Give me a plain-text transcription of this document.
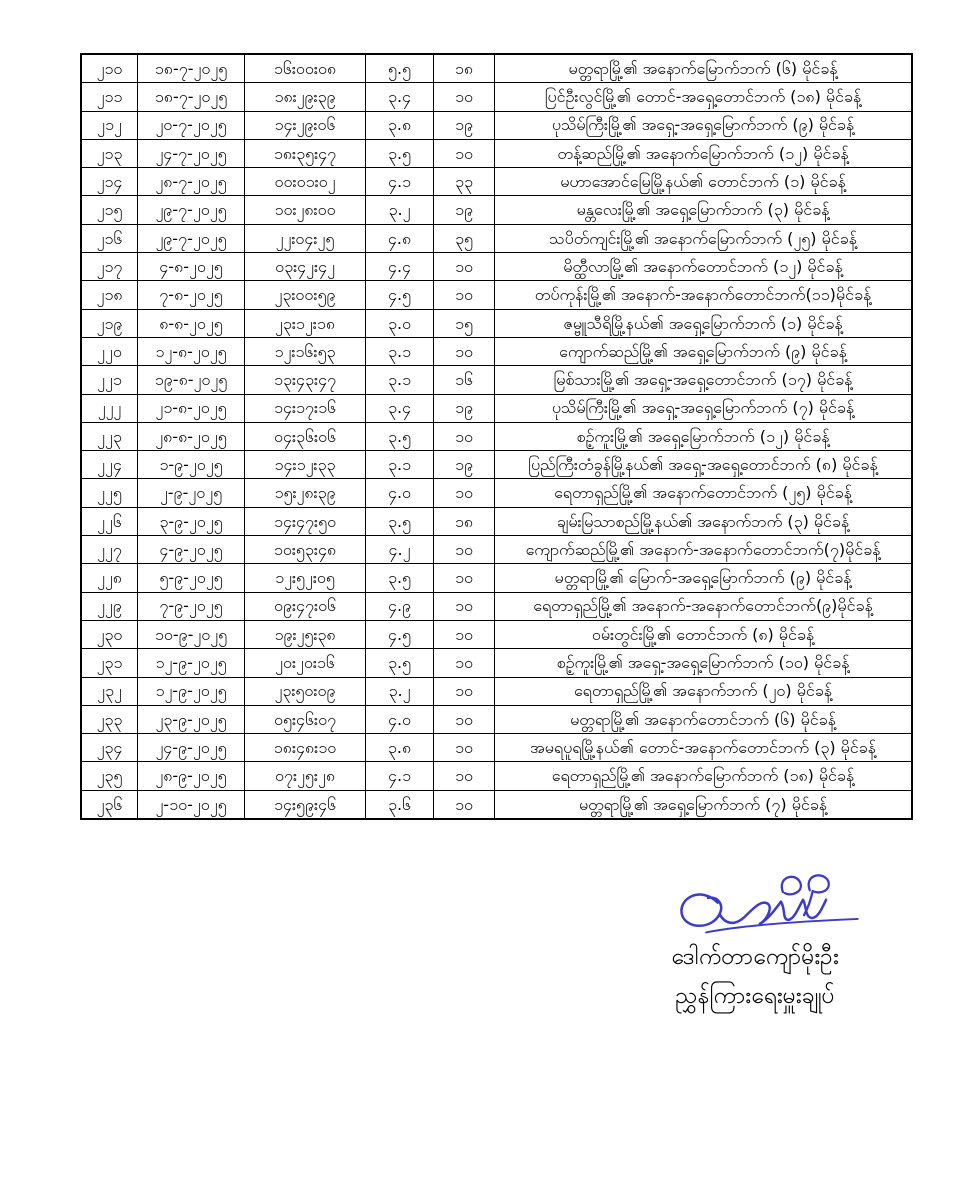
၂၁၀	၁၈-၇-၂၀၂၅	၁၆း၀၀း၀၈	၅.၅	၁၈	မတ္တရာမြို့၏ အနောက်မြောက်ဘက် (၆) မိုင်ခန့်
၂၁၁	၁၈-၇-၂၀၂၅	၁၈း၂၉း၃၉	၃.၄	၁၀	ပြင်ဦးလွင်မြို့၏ တောင်-အရှေ့တောင်ဘက် (၁၈) မိုင်ခန့်
၂၁၂	၂၀-၇-၂၀၂၅	၁၄း၂၉း၀၆	၃.၈	၁၉	ပုသိမ်ကြီးမြို့၏ အရှေ့-အရှေ့မြောက်ဘက် (၉) မိုင်ခန့်
၂၁၃	၂၄-၇-၂၀၂၅	၁၈း၃၅း၄၇	၃.၅	၁၀	တန့်ဆည်မြို့၏ အနောက်မြောက်ဘက် (၁၂) မိုင်ခန့်
၂၁၄	၂၈-၇-၂၀၂၅	၀၀း၀၁း၀၂	၄.၁	၃၃	မဟာအောင်မြေမြို့နယ်၏ တောင်ဘက် (၁) မိုင်ခန့်
၂၁၅	၂၉-၇-၂၀၂၅	၁၀း၂၈း၀၀	၃.၂	၁၉	မန္တလေးမြို့၏ အရှေ့မြောက်ဘက် (၃) မိုင်ခန့်
၂၁၆	၂၉-၇-၂၀၂၅	၂၂း၀၄း၂၅	၄.၈	၃၅	သပိတ်ကျင်းမြို့၏ အနောက်မြောက်ဘက် (၂၅) မိုင်ခန့်
၂၁၇	၄-၈-၂၀၂၅	၀၃း၄၂း၄၂	၄.၄	၁၀	မိတ္ထီလာမြို့၏ အနောက်တောင်ဘက် (၁၂) မိုင်ခန့်
၂၁၈	၇-၈-၂၀၂၅	၂၃း၀၀း၅၉	၄.၅	၁၀	တပ်ကုန်းမြို့၏ အနောက်-အနောက်တောင်ဘက်(၁၁)မိုင်ခန့်
၂၁၉	၈-၈-၂၀၂၅	၂၃း၁၂း၁၈	၃.၀	၁၅	ဇမ္ဗူသီရိမြို့နယ်၏ အရှေ့မြောက်ဘက် (၁) မိုင်ခန့်
၂၂၀	၁၂-၈-၂၀၂၅	၁၂း၁၆း၅၃	၃.၁	၁၀	ကျောက်ဆည်မြို့၏ အရှေ့မြောက်ဘက် (၉) မိုင်ခန့်
၂၂၁	၁၉-၈-၂၀၂၅	၁၃း၄၃း၄၇	၃.၁	၁၆	မြစ်သားမြို့၏ အရှေ့-အရှေ့တောင်ဘက် (၁၇) မိုင်ခန့်
၂၂၂	၂၁-၈-၂၀၂၅	၁၄း၁၇း၁၆	၃.၄	၁၉	ပုသိမ်ကြီးမြို့၏ အရှေ့-အရှေ့မြောက်ဘက် (၇) မိုင်ခန့်
၂၂၃	၂၈-၈-၂၀၂၅	၀၄း၃၆း၀၆	၃.၅	၁၀	စဉ့်ကူးမြို့၏ အရှေ့မြောက်ဘက် (၁၂) မိုင်ခန့်
၂၂၄	၁-၉-၂၀၂၅	၁၄း၁၂း၃၃	၃.၁	၁၉	ပြည်ကြီးတံခွန်မြို့နယ်၏ အရှေ့-အရှေ့တောင်ဘက် (၈) မိုင်ခန့်
၂၂၅	၂-၉-၂၀၂၅	၁၅း၂၈း၃၉	၄.၀	၁၀	ရေတာရှည်မြို့၏ အနောက်တောင်ဘက် (၂၅) မိုင်ခန့်
၂၂၆	၃-၉-၂၀၂၅	၁၄း၄၇း၅၀	၃.၅	၁၈	ချမ်းမြသာစည်မြို့နယ်၏ အနောက်ဘက် (၃) မိုင်ခန့်
၂၂၇	၄-၉-၂၀၂၅	၁၀း၅၃း၄၈	၄.၂	၁၀	ကျောက်ဆည်မြို့၏ အနောက်-အနောက်တောင်ဘက်(၇)မိုင်ခန့်
၂၂၈	၅-၉-၂၀၂၅	၁၂း၅၂း၀၅	၃.၅	၁၀	မတ္တရာမြို့၏ မြောက်-အရှေ့မြောက်ဘက် (၉) မိုင်ခန့်
၂၂၉	၇-၉-၂၀၂၅	၀၉း၄၇း၀၆	၄.၉	၁၀	ရေတာရှည်မြို့၏ အနောက်-အနောက်တောင်ဘက်(၉)မိုင်ခန့်
၂၃၀	၁၀-၉-၂၀၂၅	၁၉း၂၅း၃၈	၄.၅	၁၀	ဝမ်းတွင်းမြို့၏ တောင်ဘက် (၈) မိုင်ခန့်
၂၃၁	၁၂-၉-၂၀၂၅	၂၀း၂၀း၁၆	၃.၅	၁၀	စဉ့်ကူးမြို့၏ အရှေ့-အရှေ့မြောက်ဘက် (၁၀) မိုင်ခန့်
၂၃၂	၁၂-၉-၂၀၂၅	၂၃း၅၀း၀၉	၃.၂	၁၀	ရေတာရှည်မြို့၏ အနောက်ဘက် (၂၀) မိုင်ခန့်
၂၃၃	၂၃-၉-၂၀၂၅	၀၅း၄၆း၀၇	၄.၀	၁၀	မတ္တရာမြို့၏ အနောက်တောင်ဘက် (၆) မိုင်ခန့်
၂၃၄	၂၄-၉-၂၀၂၅	၁၈း၄၈း၁၀	၃.၈	၁၀	အမရပူရမြို့နယ်၏ တောင်-အနောက်တောင်ဘက် (၃) မိုင်ခန့်
၂၃၅	၂၈-၉-၂၀၂၅	၀၇း၂၅း၂၈	၄.၁	၁၀	ရေတာရှည်မြို့၏ အနောက်မြောက်ဘက် (၁၈) မိုင်ခန့်
၂၃၆	၂-၁၀-၂၀၂၅	၁၄း၅၉း၄၆	၃.၆	၁၀	မတ္တရာမြို့၏ အရှေ့မြောက်ဘက် (၇) မိုင်ခန့်
ဒေါက်တာကျော်မိုးဦး
ညွှန်ကြားရေးမှူးချုပ်
